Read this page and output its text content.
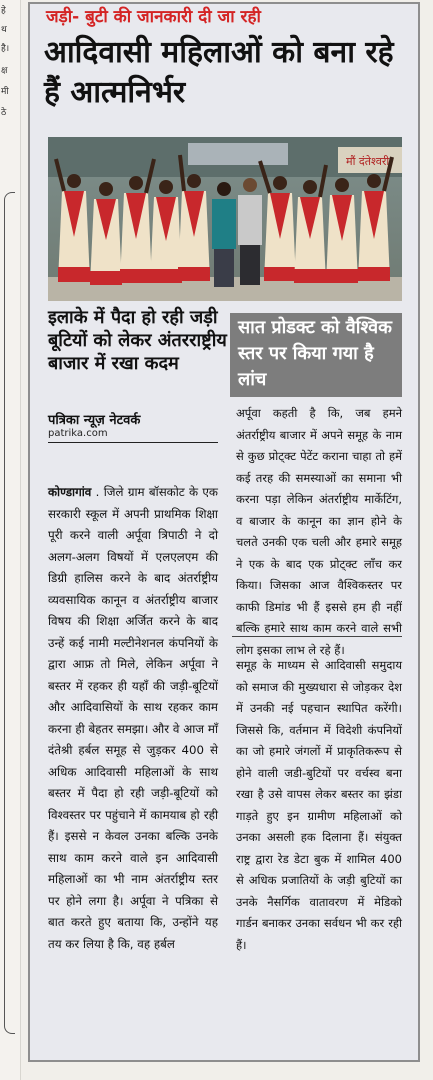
हे
थ
है।
क्ष
मी
ठे
जड़ी- बुटी की जानकारी दी जा रही
आदिवासी महिलाओं को बना रहे हैं आत्मनिर्भर
मौं दंतेश्वरी
इलाके में पैदा हो रही जड़ी बूटियों को लेकर अंतरराष्ट्रीय बाजार में रखा कदम
सात प्रोडक्ट को वैश्विक स्तर पर किया गया है लांच
पत्रिका न्यूज़ नेटवर्क
patrika.com

कोण्डागांव . जिले ग्राम बॉसकोट के एक सरकारी स्कूल में अपनी प्राथमिक शिक्षा पूरी करने वाली अर्पूवा त्रिपाठी ने दो अलग-अलग विषयों में एलएलएम की डिग्री हालिस करने के बाद अंतर्राष्ट्रीय व्यवसायिक कानून व अंतर्राष्ट्रीय बाजार विषय की शिक्षा अर्जित करने के बाद उन्हें कई नामी मल्टीनेशनल कंपनियों के द्वारा आफ्र तो मिले, लेकिन अर्पूवा ने बस्तर में रहकर ही यहाँ की जड़ी-बूटियों और आदिवासियों के साथ रहकर काम करना ही बेहतर समझा। और वे आज माँ दंतेश्री हर्बल समूह से जुड़कर 400 से अधिक आदिवासी महिलाओं के साथ बस्तर में पैदा हो रही जड़ी-बूटियों को विश्वस्तर पर पहुंचाने में कामयाब हो रही हैं। इससे न केवल उनका बल्कि उनके साथ काम करने वाले इन आदिवासी महिलाओं का भी नाम अंतर्राष्ट्रीय स्तर पर होने लगा है। अर्पूवा ने पत्रिका से बात करते हुए बताया कि, उन्होंने यह तय कर लिया है कि, वह हर्बल

अर्पूवा कहती है कि, जब हमने अंतर्राष्ट्रीय बाजार में अपने समूह के नाम से कुछ प्रोट्क्ट पेटेंट कराना चाहा तो हमें कई तरह की समस्याओं का समाना भी करना पड़ा लेकिन अंतर्राष्ट्रीय मार्केटिंग, व बाजार के कानून का ज्ञान होने के चलते उनकी एक चली और हमारे समूह ने एक के बाद एक प्रोट्क्ट लॉंच कर किया। जिसका आज वैश्विकस्तर पर काफी डिमांड भी हैं इससे हम ही नहीं बल्कि हमारे साथ काम करने वाले सभी लोग इसका लाभ ले रहे हैं।

समूह के माध्यम से आदिवासी समुदाय को समाज की मुख्यधारा से जोड़कर देश में उनकी नई पहचान स्थापित करेंगी। जिससे कि, वर्तमान में विदेशी कंपनियों का जो हमारे जंगलों में प्राकृतिकरूप से होने वाली जडी-बुटियों पर वर्चस्व बना रखा है उसे वापस लेकर बस्तर का झंडा गाड़ते हुए इन ग्रामीण महिलाओं को उनका असली हक दिलाना हैं। संयुक्त राष्ट्र द्वारा रेड डेटा बुक में शामिल 400 से अधिक प्रजातियों के जड़ी बुटियों का उनके नैसर्गिक वातावरण में मेडिको गार्डन बनाकर उनका सर्वधन भी कर रही हैं।
